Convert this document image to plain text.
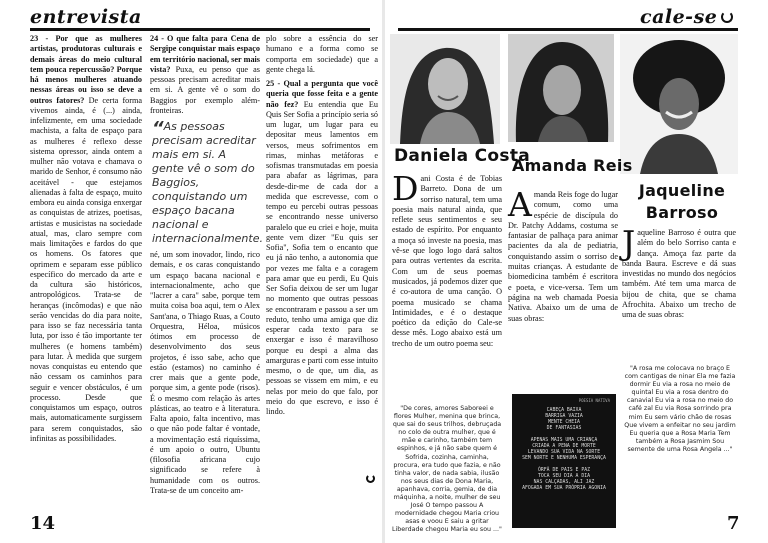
entrevista

23 - Por que as mulheres artistas, produtoras culturais e demais áreas do meio cultural tem pouca repercussão? Porque há menos mulheres atuando nessas áreas ou isso se deve a outros fatores? De certa forma vivemos ainda, é (...) ainda, infelizmente, em uma sociedade machista, a falta de espaço para as mulheres é reflexo desse sistema opressor, ainda ontem a mulher não votava e chamava o marido de Senhor, é consumo não aceitável - que estejamos alienadas à falta de espaço, muito embora eu ainda consiga enxergar as conquistas de atrizes, poetisas, artistas e musicistas na sociedade atual, mas, claro sempre com mais limitações e fardos do que os homens. Os fatores que oprimem e separam esse público específico do mercado da arte e da cultura são históricos, antropológicos. Trata-se de heranças (incômodas) e que não serão vencidas do dia para noite, para isso se faz necessária tanta luta, por isso é tão importante ter mulheres (e homens também) para lutar. À medida que surgem novas conquistas eu entendo que não cessam os caminhos para seguir e vencer obstáculos, é um processo. Desde que conquistamos um espaço, outros mais, automaticamente surgissem para serem conquistados, são infinitas as possibilidades.

24 - O que falta para Cena de Sergipe conquistar mais espaço em território nacional, ser mais vista? Puxa, eu penso que as pessoas precisam acreditar mais em si. A gente vê o som do Baggios por exemplo além-fronteiras.

“As pessoas precisam acreditar mais em si. A gente vê o som do Baggios, conquistando um espaço bacana nacional e internacionalmente.

né, um som inovador, lindo, rico demais, e os caras conquistando um espaço bacana nacional e internacionalmente, acho que "lacrer a cara" sabe, porque tem muita coisa boa aqui, tem o Alex Sant'ana, o Thiago Ruas, a Couto Orquestra, Héloa, músicos ótimos em processo de desenvolvimento dos seus projetos, é isso sabe, acho que estão (estamos) no caminho é crer mais que a gente pode, porque sim, a gente pode (risos). É o mesmo com relação às artes plásticas, ao teatro e à literatura. Falta apoio, falta incentivo, mas o que não pode faltar é vontade, a movimentação está riquíssima, é um apoio o outro, Ubuntu (filosofia africana cujo significado se refere à humanidade com os outros. Trata-se de um conceito am-

plo sobre a essência do ser humano e a forma como se comporta em sociedade) que a gente chega lá.

25 - Qual a pergunta que você queria que fosse feita e a gente não fez? Eu entendia que Eu Quis Ser Sofia a princípio seria só um lugar, um lugar para eu depositar meus lamentos em versos, meus sofrimentos em rimas, minhas metáforas e sofismas transmutadas em poesia para abafar as lágrimas, para desde-dir-me de cada dor a medida que escrevesse, com o tempo eu percebi outras pessoas se encontrando nesse universo paralelo que eu criei e hoje, muita gente vem dizer "Eu quis ser Sofia", Sofia tem o encanto que eu já não tenho, a autonomia que por vezes me falta e a coragem para amar que eu perdi, Eu Quis Ser Sofia deixou de ser um lugar no momento que outras pessoas se encontraram e passou a ser um reduto, tenho uma amiga que diz esperar cada texto para se enxergar e isso é maravilhoso porque eu despi a alma das amarguras e parti com esse intuito mesmo, o de que, um dia, as pessoas se vissem em mim, e eu nelas por meio do que falo, por meio do que escrevo, e isso é lindo.

14
cale-se
Daniela Costa
Amanda Reis
Jaqueline Barroso
Dani Costa é de Tobias Barreto. Dona de um sorriso natural, tem uma poesia mais natural ainda, que reflete seus sentimentos e seu estado de espírito. Por enquanto a moça só investe na poesia, mas vê-se que logo logo dará saltos para outras vertentes da escrita. Com um de seus poemas musicados, já podemos dizer que é co-autora de uma canção. O poema musicado se chama Intimidades, e é o destaque poético da edição do Cale-se desse mês. Logo abaixo está um trecho de um outro poema seu:
Amanda Reis foge do lugar comum, como uma espécie de discípula do Dr. Patchy Addams, costuma se fantasiar de palhaça para animar pacientes da ala de pediatria, conquistando assim o sorriso de muitas crianças. A estudante de biomedicina também é escritora e poeta, e vice-versa. Tem um página na web chamada Poesia Nativa. Abaixo um de uma de suas obras:
Jaqueline Barroso é outra que além do belo Sorriso canta e dança. Amoça faz parte da banda Baura. Escreve e dá suas investidas no mundo dos negócios também. Até tem uma marca de bijou de chita, que se chama Afrochita. Abaixo um trecho de uma de suas obras:
"De cores, amores Saboreei e flores Mulher, menina que brinca, que sai do seus trilhos, debruçada no colo de outra mulher, que é mãe e carinho, também tem espinhos, e já não sabe quem é Sofrida, cozinha, caminha, procura, era tudo que fazia, e não tinha valor, de nada sabia, ilusão nos seus dias de Dona Maria, apanhava, corria, gemia, de dia máquinha, a noite, mulher de seu José O tempo passou A modernidade chegou Maria criou asas e voou E saiu a gritar Liberdade chegou Maria eu sou ..."
POESIA NATIVA
CABEÇA BAIXA
BARRIGA VAZIA
MENTE CHEIA
DE FANTASIAS
APENAS MAIS UMA CRIANÇA
CRIADA A PENA DE MORTE
LEVANDO SUA VIDA NA SORTE
SEM NORTE E NENHUMA ESPERANÇA
ÓRFÃ DE PAIS E PAZ
TOCA SEU DIA A DIA
NAS CALÇADAS, ALI JAZ
AFOGADA EM SUA PRÓPRIA AGONIA
"A rosa me colocava no braço E com cantigas de ninar Ela me fazia dormir Eu via a rosa no meio de quintal Eu via a rosa dentro do canavial Eu via a rosa no meio do café zal Eu via Rosa sorrindo pra mim Eu sem vário chão de rosas Que vivem a enfeitar no seu jardim Eu queria que a Rosa Maria Tem também a Rosa Jasmim Sou semente de uma Rosa Angela ..."
7
